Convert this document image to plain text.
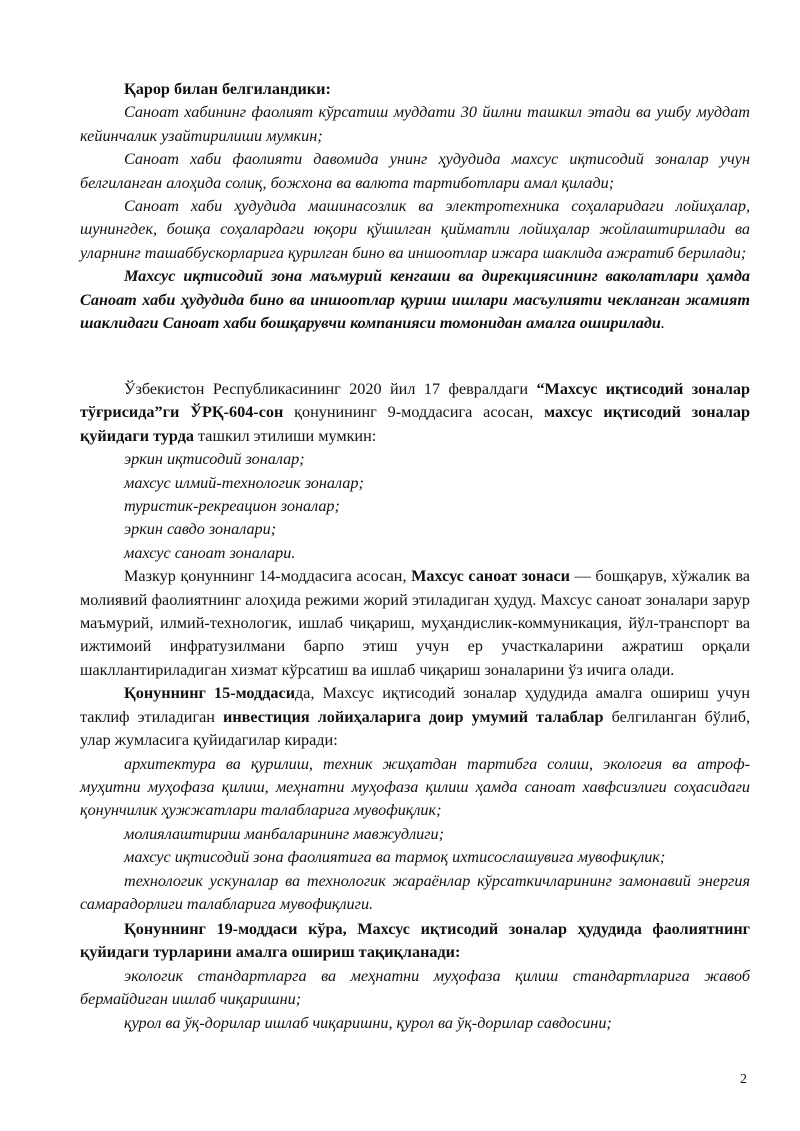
Қарор билан белгиландики:

Саноат хабининг фаолият кўрсатиш муддати 30 йилни ташкил этади ва ушбу муддат кейинчалик узайтирилиши мумкин;

Саноат хаби фаолияти давомида унинг ҳудудида махсус иқтисодий зоналар учун белгиланган алоҳида солиқ, божхона ва валюта тартиботлари амал қилади;

Саноат хаби ҳудудида машинасозлик ва электротехника соҳаларидаги лойиҳалар, шунингдек, бошқа соҳалардаги юқори қўшилган қийматли лойиҳалар жойлаштирилади ва уларнинг ташаббускорларига қурилган бино ва иншоотлар ижара шаклида ажратиб берилади;

Махсус иқтисодий зона маъмурий кенгаши ва дирекциясининг ваколатлари ҳамда Саноат хаби ҳудудида бино ва иншоотлар қуриш ишлари масъулияти чекланган жамият шаклидаги Саноат хаби бошқарувчи компанияси томонидан амалга оширилади.

Ўзбекистон Республикасининг 2020 йил 17 февралдаги “Махсус иқтисодий зоналар тўғрисида”ги ЎРҚ-604-сон қонунининг 9-моддасига асосан, махсус иқтисодий зоналар қуйидаги турда ташкил этилиши мумкин:

эркин иқтисодий зоналар;

махсус илмий-технологик зоналар;

туристик-рекреацион зоналар;

эркин савдо зоналари;

махсус саноат зоналари.

Мазкур қонуннинг 14-моддасига асосан, Махсус саноат зонаси — бошқарув, хўжалик ва молиявий фаолиятнинг алоҳида режими жорий этиладиган ҳудуд. Махсус саноат зоналари зарур маъмурий, илмий-технологик, ишлаб чиқариш, муҳандислик-коммуникация, йўл-транспорт ва ижтимоий инфратузилмани барпо этиш учун ер участкаларини ажратиш орқали шакллантириладиган хизмат кўрсатиш ва ишлаб чиқариш зоналарини ўз ичига олади.

Қонуннинг 15-моддасида, Махсус иқтисодий зоналар ҳудудида амалга ошириш учун таклиф этиладиган инвестиция лойиҳаларига доир умумий талаблар белгиланган бўлиб, улар жумласига қуйидагилар киради:

архитектура ва қурилиш, техник жиҳатдан тартибга солиш, экология ва атроф-муҳитни муҳофаза қилиш, меҳнатни муҳофаза қилиш ҳамда саноат хавфсизлиги соҳасидаги қонунчилик ҳужжатлари талабларига мувофиқлик;

молиялаштириш манбаларининг мавжудлиги;

махсус иқтисодий зона фаолиятига ва тармоқ ихтисослашувига мувофиқлик;

технологик ускуналар ва технологик жараёнлар кўрсаткичларининг замонавий энергия самарадорлиги талабларига мувофиқлиги.

Қонуннинг 19-моддаси кўра, Махсус иқтисодий зоналар ҳудудида фаолиятнинг қуйидаги турларини амалга ошириш тақиқланади:

экологик стандартларга ва меҳнатни муҳофаза қилиш стандартларига жавоб бермайдиган ишлаб чиқаришни;

қурол ва ўқ-дорилар ишлаб чиқаришни, қурол ва ўқ-дорилар савдосини;

2
